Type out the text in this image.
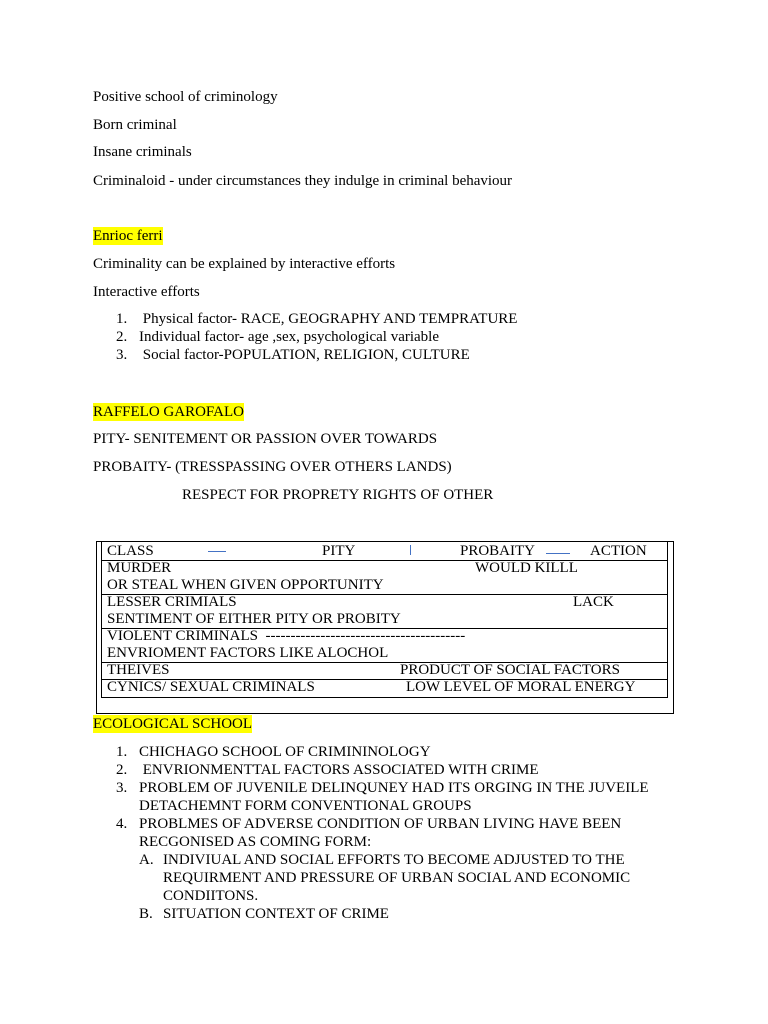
Positive school of criminology
Born criminal
Insane criminals
Criminaloid - under circumstances they indulge in criminal behaviour
Enrioc ferri
Criminality can be explained by interactive efforts
Interactive efforts
1. Physical factor- RACE, GEOGRAPHY AND TEMPRATURE
2. Individual factor- age ,sex, psychological variable
3. Social factor-POPULATION, RELIGION, CULTURE
RAFFELO GAROFALO
PITY- SENITEMENT OR PASSION OVER TOWARDS
PROBAITY- (TRESSPASSING OVER OTHERS LANDS)
RESPECT FOR PROPRETY RIGHTS OF OTHER
CLASS	PITY	PROBAITY	ACTION
MURDER	WOULD KILLL
OR STEAL WHEN GIVEN OPPORTUNITY
LESSER CRIMIALS	LACK
SENTIMENT OF EITHER PITY OR PROBITY
VIOLENT CRIMINALS  ----------------------------------------
ENVRIOMENT FACTORS LIKE ALOCHOL
THEIVES	PRODUCT OF SOCIAL FACTORS
CYNICS/ SEXUAL CRIMINALS	LOW LEVEL OF MORAL ENERGY
ECOLOGICAL SCHOOL
1. CHICHAGO SCHOOL OF CRIMININOLOGY
2. ENVRIONMENTTAL FACTORS ASSOCIATED WITH CRIME
3. PROBLEM OF JUVENILE DELINQUNEY HAD ITS ORGING IN THE JUVEILE
DETACHEMNT FORM CONVENTIONAL GROUPS
4. PROBLMES OF ADVERSE CONDITION OF URBAN LIVING HAVE BEEN
RECGONISED AS COMING FORM:
A. INDIVIUAL AND SOCIAL EFFORTS TO BECOME ADJUSTED TO THE
REQUIRMENT AND PRESSURE OF URBAN SOCIAL AND ECONOMIC
CONDIITONS.
B. SITUATION CONTEXT OF CRIME
